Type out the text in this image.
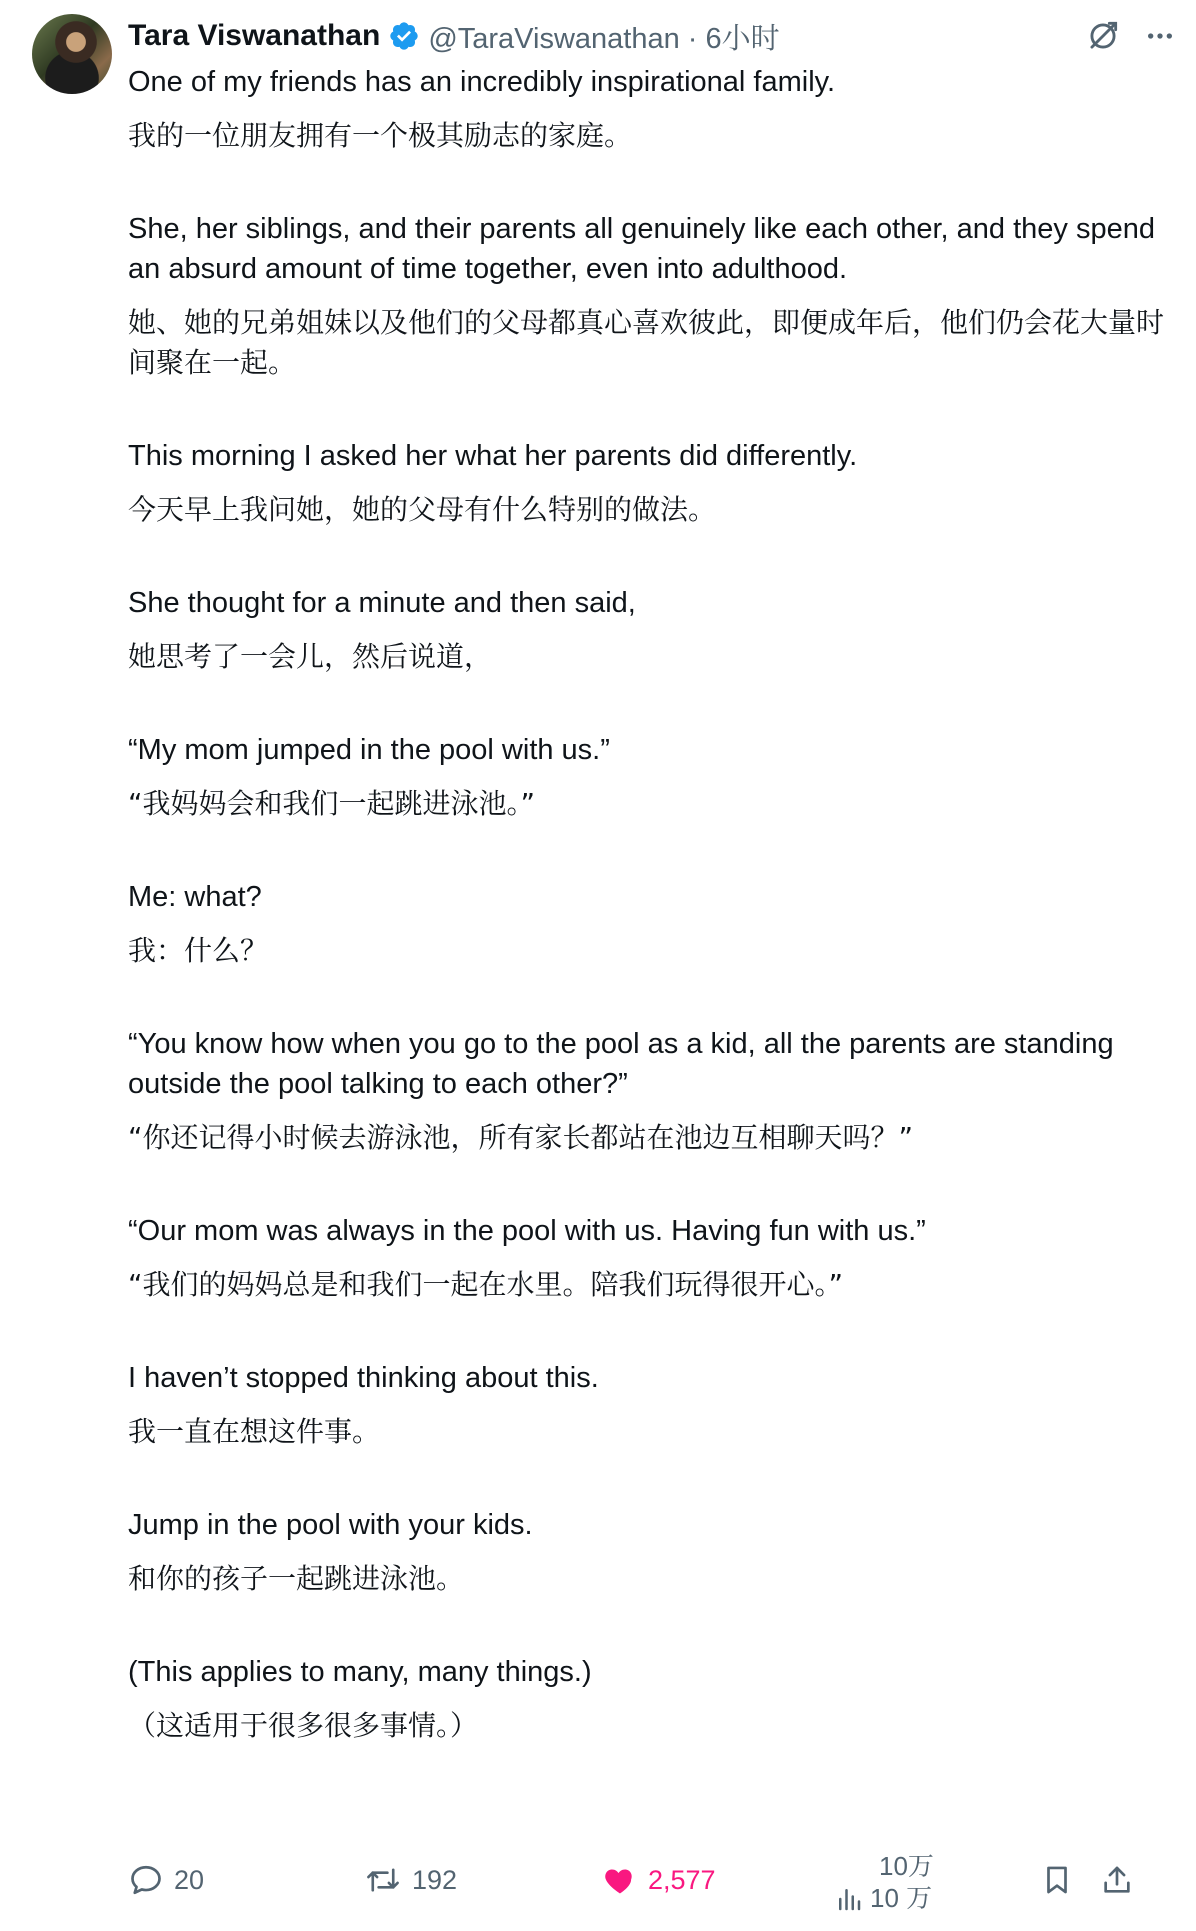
Tara Viswanathan @TaraViswanathan · 6小时
One of my friends has an incredibly inspirational family.
我的一位朋友拥有一个极其励志的家庭。
She, her siblings, and their parents all genuinely like each other, and they spend an absurd amount of time together, even into adulthood.
她、她的兄弟姐妹以及他们的父母都真心喜欢彼此，即便成年后，他们仍会花大量时间聚在一起。
This morning I asked her what her parents did differently.
今天早上我问她，她的父母有什么特别的做法。
She thought for a minute and then said,
她思考了一会儿，然后说道，
“My mom jumped in the pool with us.”
“我妈妈会和我们一起跳进泳池。”
Me: what?
我：什么？
“You know how when you go to the pool as a kid, all the parents are standing outside the pool talking to each other?”
“你还记得小时候去游泳池，所有家长都站在池边互相聊天吗？”
“Our mom was always in the pool with us. Having fun with us.”
“我们的妈妈总是和我们一起在水里。陪我们玩得很开心。”
I haven’t stopped thinking about this.
我一直在想这件事。
Jump in the pool with your kids.
和你的孩子一起跳进泳池。
(This applies to many, many things.)
（这适用于很多很多事情。）
20	192	2,577	10万
10 万
